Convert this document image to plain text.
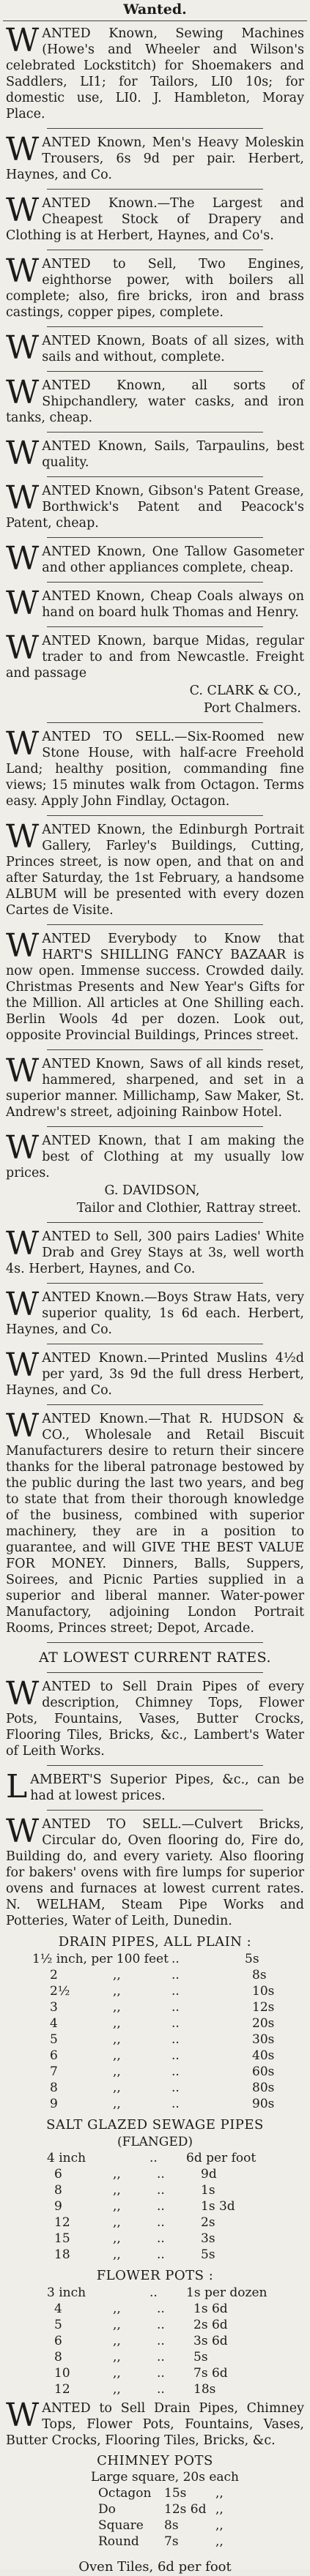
Wanted.
WANTED Known, Sewing Machines (Howe's and Wheeler and Wilson's celebrated Lockstitch) for Shoemakers and Saddlers, LI1; for Tailors, LI0 10s; for domestic use, LI0. J. Hambleton, Moray Place.
WANTED Known, Men's Heavy Moleskin Trousers, 6s 9d per pair. Herbert, Haynes, and Co.
WANTED Known.—The Largest and Cheapest Stock of Drapery and Clothing is at Herbert, Haynes, and Co's.
WANTED to Sell, Two Engines, eighthorse power, with boilers all complete; also, fire bricks, iron and brass castings, copper pipes, complete.
WANTED Known, Boats of all sizes, with sails and without, complete.
WANTED Known, all sorts of Shipchandlery, water casks, and iron tanks, cheap.
WANTED Known, Sails, Tarpaulins, best quality.
WANTED Known, Gibson's Patent Grease, Borthwick's Patent and Peacock's Patent, cheap.
WANTED Known, One Tallow Gasometer and other appliances complete, cheap.
WANTED Known, Cheap Coals always on hand on board hulk Thomas and Henry.
WANTED Known, barque Midas, regular trader to and from Newcastle. Freight and passage
C. CLARK & CO.,
Port Chalmers.
WANTED TO SELL.—Six-Roomed new Stone House, with half-acre Freehold Land; healthy position, commanding fine views; 15 minutes walk from Octagon. Terms easy. Apply John Findlay, Octagon.
WANTED Known, the Edinburgh Portrait Gallery, Farley's Buildings, Cutting, Princes street, is now open, and that on and after Saturday, the 1st February, a handsome ALBUM will be presented with every dozen Cartes de Visite.
WANTED Everybody to Know that HART'S SHILLING FANCY BAZAAR is now open. Immense success. Crowded daily. Christmas Presents and New Year's Gifts for the Million. All articles at One Shilling each. Berlin Wools 4d per dozen. Look out, opposite Provincial Buildings, Princes street.
WANTED Known, Saws of all kinds reset, hammered, sharpened, and set in a superior manner. Millichamp, Saw Maker, St. Andrew's street, adjoining Rainbow Hotel.
WANTED Known, that I am making the best of Clothing at my usually low prices.
G. DAVIDSON,
Tailor and Clothier, Rattray street.
WANTED to Sell, 300 pairs Ladies' White Drab and Grey Stays at 3s, well worth 4s. Herbert, Haynes, and Co.
WANTED Known.—Boys Straw Hats, very superior quality, 1s 6d each. Herbert, Haynes, and Co.
WANTED Known.—Printed Muslins 4½d per yard, 3s 9d the full dress Herbert, Haynes, and Co.
WANTED Known.—That R. HUDSON & CO., Wholesale and Retail Biscuit Manufacturers desire to return their sincere thanks for the liberal patronage bestowed by the public during the last two years, and beg to state that from their thorough knowledge of the business, combined with superior machinery, they are in a position to guarantee, and will GIVE THE BEST VALUE FOR MONEY. Dinners, Balls, Suppers, Soirees, and Picnic Parties supplied in a superior and liberal manner. Water-power Manufactory, adjoining London Portrait Rooms, Princes street; Depot, Arcade.
AT LOWEST CURRENT RATES.
WANTED to Sell Drain Pipes of every description, Chimney Tops, Flower Pots, Fountains, Vases, Butter Crocks, Flooring Tiles, Bricks, &c., Lambert's Water of Leith Works.
LAMBERT'S Superior Pipes, &c., can be had at lowest prices.
WANTED TO SELL.—Culvert Bricks, Circular do, Oven flooring do, Fire do, Building do, and every variety. Also flooring for bakers' ovens with fire lumps for superior ovens and furnaces at lowest current rates. N. WELHAM, Steam Pipe Works and Potteries, Water of Leith, Dunedin.
DRAIN PIPES, ALL PLAIN :
1½ inch, per 100 feet ..	5s
2	,,	..	8s
2½	,,	..	10s
3	,,	..	12s
4	,,	..	20s
5	,,	..	30s
6	,,	..	40s
7	,,	..	60s
8	,,	..	80s
9	,,	..	90s
SALT GLAZED SEWAGE PIPES
(FLANGED)
4 inch	.. 6d per foot
6	,,	..	9d
8	,,	..	1s
9	,,	..	1s 3d
12	,,	..	2s
15	,,	..	3s
18	,,	..	5s
FLOWER POTS :
3 inch	.. 1s per dozen
4	,,	.. 1s 6d
5	,,	.. 2s 6d
6	,,	.. 3s 6d
8	,,	.. 5s
10	,,	.. 7s 6d
12	,,	.. 18s
WANTED to Sell Drain Pipes, Chimney Tops, Flower Pots, Fountains, Vases, Butter Crocks, Flooring Tiles, Bricks, &c.
CHIMNEY POTS
Large square, 20s each
Octagon 15s ,,
Do	12s 6d ,,
Square 8s	,,
Round 7s	,,
Oven Tiles, 6d per foot
